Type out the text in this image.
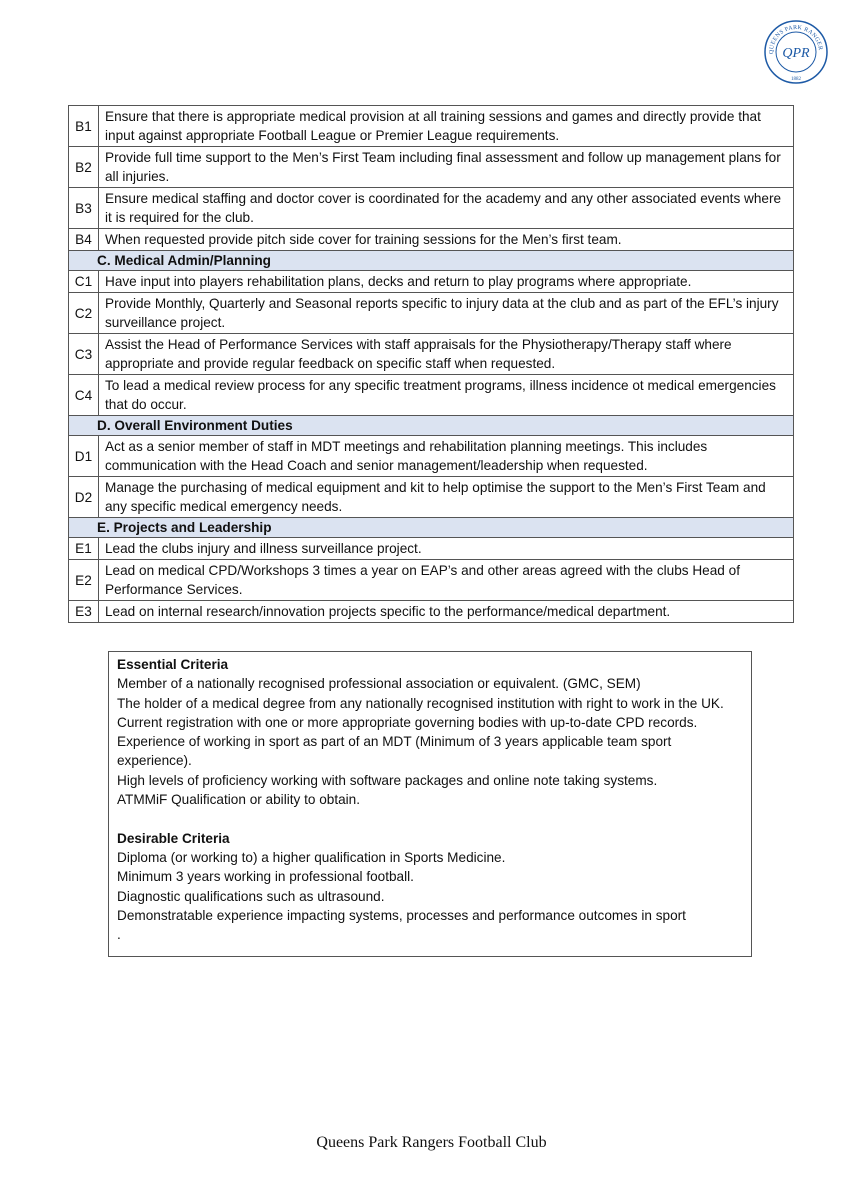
QUEENS PARK RANGER
QPR
1882
B1	Ensure that there is appropriate medical provision at all training sessions and games and directly provide that input against appropriate Football League or Premier League requirements.
B2	Provide full time support to the Men’s First Team including final assessment and follow up management plans for all injuries.
B3	Ensure medical staffing and doctor cover is coordinated for the academy and any other associated events where it is required for the club.
B4	When requested provide pitch side cover for training sessions for the Men’s first team.
C. Medical Admin/Planning	
C1	Have input into players rehabilitation plans, decks and return to play programs where appropriate.
C2	Provide Monthly, Quarterly and Seasonal reports specific to injury data at the club and as part of the EFL’s injury surveillance project.
C3	Assist the Head of Performance Services with staff appraisals for the Physiotherapy/Therapy staff where appropriate and provide regular feedback on specific staff when requested.
C4	To lead a medical review process for any specific treatment programs, illness incidence ot medical emergencies that do occur.
D. Overall Environment Duties	
D1	Act as a senior member of staff in MDT meetings and rehabilitation planning meetings. This includes communication with the Head Coach and senior management/leadership when requested.
D2	Manage the purchasing of medical equipment and kit to help optimise the support to the Men’s First Team and any specific medical emergency needs.
E. Projects and Leadership	
E1	Lead the clubs injury and illness surveillance project.
E2	Lead on medical CPD/Workshops 3 times a year on EAP’s and other areas agreed with the clubs Head of Performance Services.
E3	Lead on internal research/innovation projects specific to the performance/medical department.
Essential Criteria
Member of a nationally recognised professional association or equivalent. (GMC, SEM)
The holder of a medical degree from any nationally recognised institution with right to work in the UK.
Current registration with one or more appropriate governing bodies with up-to-date CPD records.
Experience of working in sport as part of an MDT (Minimum of 3 years applicable team sport experience).
High levels of proficiency working with software packages and online note taking systems.
ATMMiF Qualification or ability to obtain.
Desirable Criteria
Diploma (or working to) a higher qualification in Sports Medicine.
Minimum 3 years working in professional football.
Diagnostic qualifications such as ultrasound.
Demonstratable experience impacting systems, processes and performance outcomes in sport
.
Queens Park Rangers Football Club
